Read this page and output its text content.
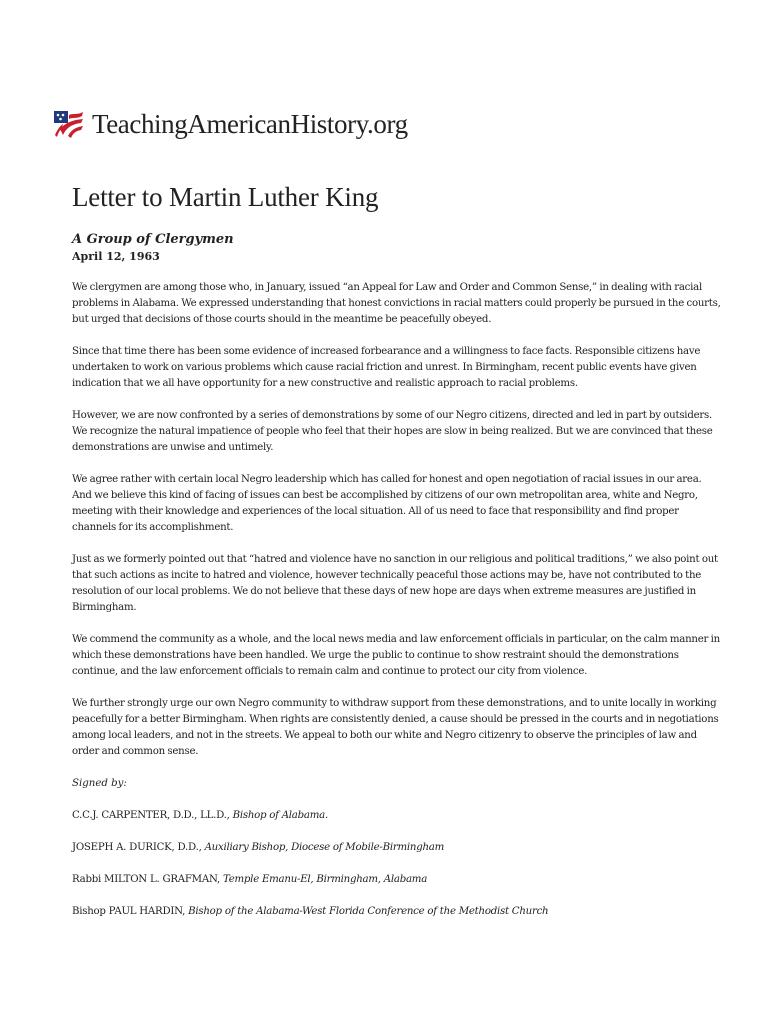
TeachingAmericanHistory.org
Letter to Martin Luther King
A Group of Clergymen
April 12, 1963

We clergymen are among those who, in January, issued “an Appeal for Law and Order and Common Sense,” in dealing with racial problems in Alabama. We expressed understanding that honest convictions in racial matters could properly be pursued in the courts, but urged that decisions of those courts should in the meantime be peacefully obeyed.

Since that time there has been some evidence of increased forbearance and a willingness to face facts. Responsible citizens have undertaken to work on various problems which cause racial friction and unrest. In Birmingham, recent public events have given indication that we all have opportunity for a new constructive and realistic approach to racial problems.

However, we are now confronted by a series of demonstrations by some of our Negro citizens, directed and led in part by outsiders. We recognize the natural impatience of people who feel that their hopes are slow in being realized. But we are convinced that these demonstrations are unwise and untimely.

We agree rather with certain local Negro leadership which has called for honest and open negotiation of racial issues in our area. And we believe this kind of facing of issues can best be accomplished by citizens of our own metropolitan area, white and Negro, meeting with their knowledge and experiences of the local situation. All of us need to face that responsibility and find proper channels for its accomplishment.

Just as we formerly pointed out that “hatred and violence have no sanction in our religious and political traditions,” we also point out that such actions as incite to hatred and violence, however technically peaceful those actions may be, have not contributed to the resolution of our local problems. We do not believe that these days of new hope are days when extreme measures are justified in Birmingham.

We commend the community as a whole, and the local news media and law enforcement officials in particular, on the calm manner in which these demonstrations have been handled. We urge the public to continue to show restraint should the demonstrations continue, and the law enforcement officials to remain calm and continue to protect our city from violence.

We further strongly urge our own Negro community to withdraw support from these demonstrations, and to unite locally in working peacefully for a better Birmingham. When rights are consistently denied, a cause should be pressed in the courts and in negotiations among local leaders, and not in the streets. We appeal to both our white and Negro citizenry to observe the principles of law and order and common sense.

Signed by:

C.C.J. CARPENTER, D.D., LL.D., Bishop of Alabama.

JOSEPH A. DURICK, D.D., Auxiliary Bishop, Diocese of Mobile-Birmingham

Rabbi MILTON L. GRAFMAN, Temple Emanu-El, Birmingham, Alabama

Bishop PAUL HARDIN, Bishop of the Alabama-West Florida Conference of the Methodist Church
